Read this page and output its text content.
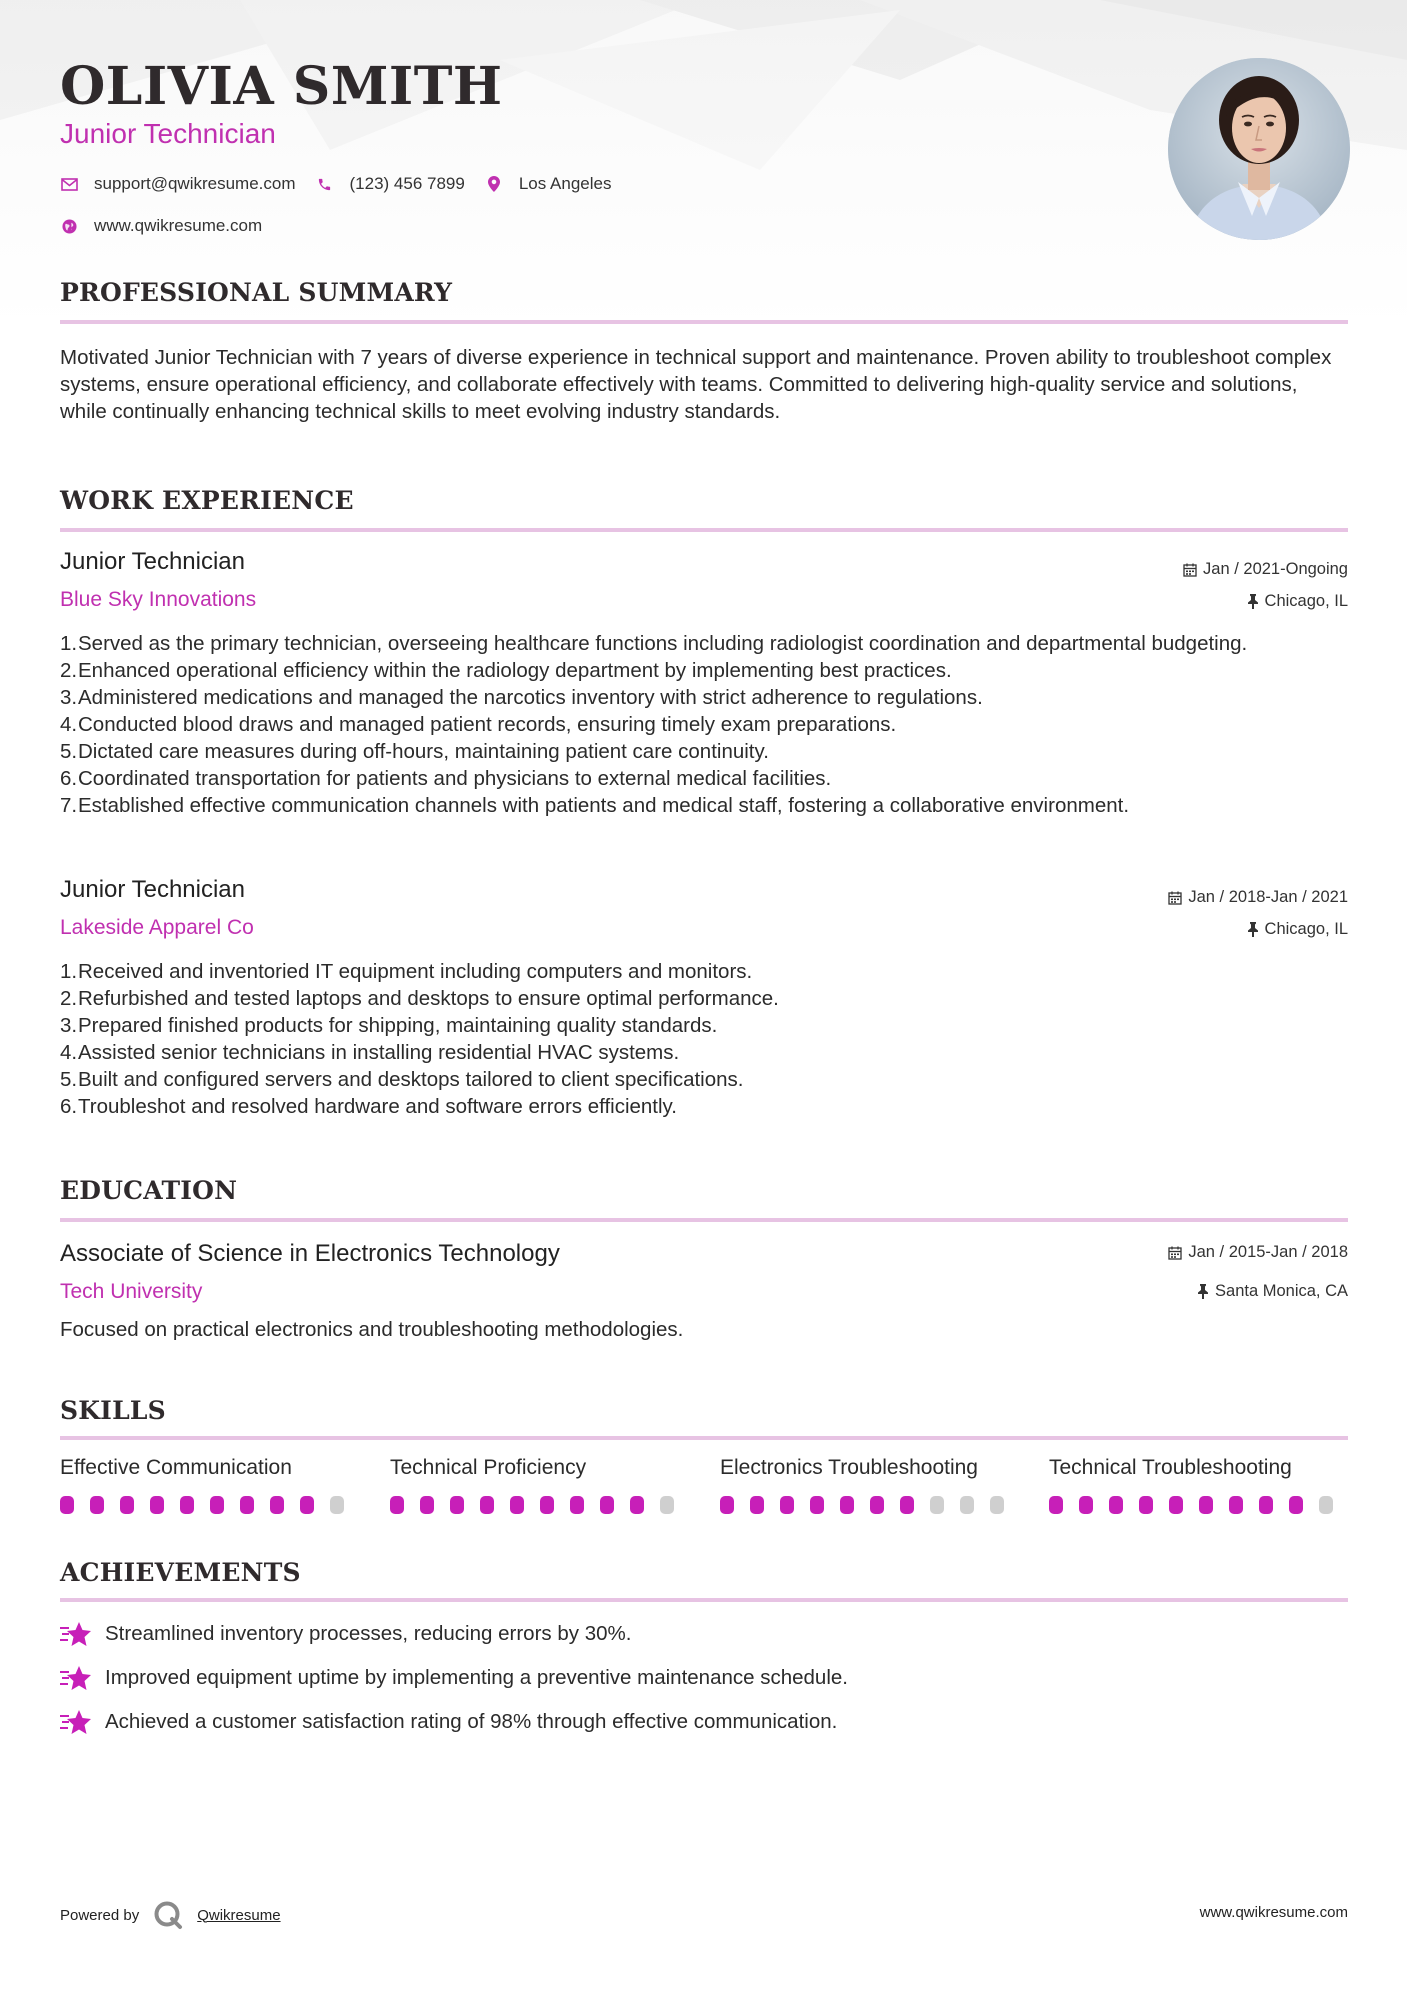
OLIVIA SMITH
Junior Technician
support@qwikresume.com	(123) 456 7899	Los Angeles
www.qwikresume.com
PROFESSIONAL SUMMARY
Motivated Junior Technician with 7 years of diverse experience in technical support and maintenance. Proven ability to troubleshoot complex systems, ensure operational efficiency, and collaborate effectively with teams. Committed to delivering high-quality service and solutions, while continually enhancing technical skills to meet evolving industry standards.
WORK EXPERIENCE
Junior Technician	Jan / 2021-Ongoing
Blue Sky Innovations	Chicago, IL
1. Served as the primary technician, overseeing healthcare functions including radiologist coordination and departmental budgeting.
2. Enhanced operational efficiency within the radiology department by implementing best practices.
3. Administered medications and managed the narcotics inventory with strict adherence to regulations.
4. Conducted blood draws and managed patient records, ensuring timely exam preparations.
5. Dictated care measures during off-hours, maintaining patient care continuity.
6. Coordinated transportation for patients and physicians to external medical facilities.
7. Established effective communication channels with patients and medical staff, fostering a collaborative environment.
Junior Technician	Jan / 2018-Jan / 2021
Lakeside Apparel Co	Chicago, IL
1. Received and inventoried IT equipment including computers and monitors.
2. Refurbished and tested laptops and desktops to ensure optimal performance.
3. Prepared finished products for shipping, maintaining quality standards.
4. Assisted senior technicians in installing residential HVAC systems.
5. Built and configured servers and desktops tailored to client specifications.
6. Troubleshot and resolved hardware and software errors efficiently.
EDUCATION
Associate of Science in Electronics Technology	Jan / 2015-Jan / 2018
Tech University	Santa Monica, CA
Focused on practical electronics and troubleshooting methodologies.
SKILLS
Effective Communication	Technical Proficiency	Electronics Troubleshooting	Technical Troubleshooting
ACHIEVEMENTS
Streamlined inventory processes, reducing errors by 30%.
Improved equipment uptime by implementing a preventive maintenance schedule.
Achieved a customer satisfaction rating of 98% through effective communication.
Powered by	Qwikresume	www.qwikresume.com
